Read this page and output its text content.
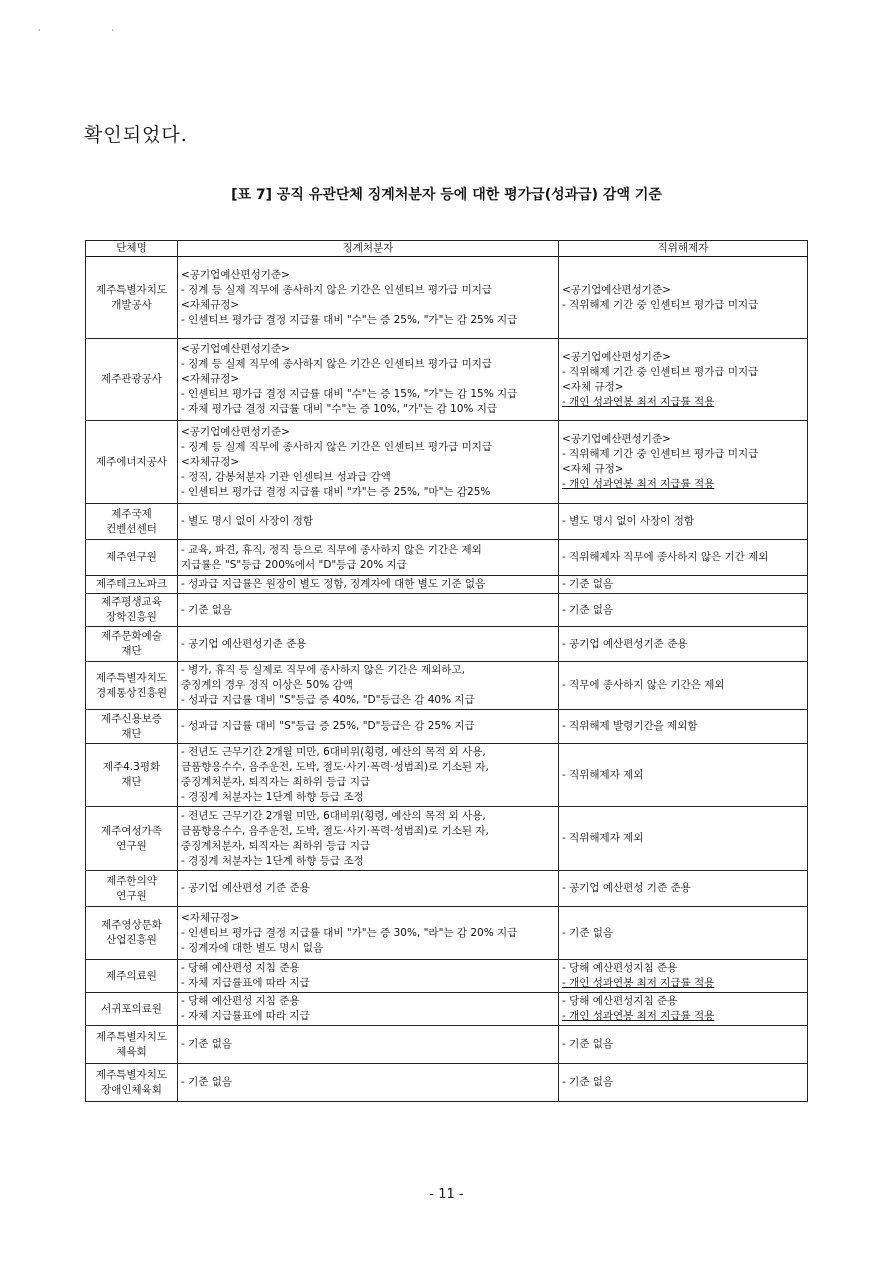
· ·
확인되었다.
[표 7] 공직 유관단체 징계처분자 등에 대한 평가급(성과급) 감액 기준
단체명	징계처분자	직위해제자

제주특별자치도
개발공사	<공기업예산편성기준>
- 징계 등 실제 직무에 종사하지 않은 기간은 인센티브 평가급 미지급
<자체규정>
- 인센티브 평가급 결정 지급률 대비 "수"는 증 25%, "가"는 감 25% 지급	<공기업예산편성기준>
- 직위해제 기간 중 인센티브 평가급 미지급

제주관광공사	<공기업예산편성기준>
- 징계 등 실제 직무에 종사하지 않은 기간은 인센티브 평가급 미지급
<자체규정>
- 인센티브 평가급 결정 지급률 대비 "수"는 증 15%, "가"는 감 15% 지급
- 자체 평가급 결정 지급률 대비 "수"는 증 10%, "가"는 감 10% 지급	<공기업예산편성기준>
- 직위해제 기간 중 인센티브 평가급 미지급
<자체 규정>
- 개인 성과연봉 최저 지급률 적용

제주에너지공사	<공기업예산편성기준>
- 징계 등 실제 직무에 종사하지 않은 기간은 인센티브 평가급 미지급
<자체규정>
- 정직, 감봉처분자 기관 인센티브 성과급 감액
- 인센티브 평가급 결정 지급률 대비 "가"는 증 25%, "마"는 감25%	<공기업예산편성기준>
- 직위해제 기간 중 인센티브 평가급 미지급
<자체 규정>
- 개인 성과연봉 최저 지급률 적용

제주국제
컨벤션센터	- 별도 명시 없이 사장이 정함	- 별도 명시 없이 사장이 정함

제주연구원	- 교육, 파견, 휴직, 정직 등으로 직무에 종사하지 않은 기간은 제외
지급률은 "S"등급 200%에서 "D"등급 20% 지급	- 직위해제자 직무에 종사하지 않은 기간 제외

제주테크노파크	- 성과급 지급률은 원장이 별도 정함, 징계자에 대한 별도 기준 없음	- 기준 없음

제주평생교육
장학진흥원	- 기준 없음	- 기준 없음

제주문화예술
재단	- 공기업 예산편성기준 준용	- 공기업 예산편성기준 준용

제주특별자치도
경제통상진흥원	- 병가, 휴직 등 실제로 직무에 종사하지 않은 기간은 제외하고,
중징계의 경우 정직 이상은 50% 감액
- 성과급 지급률 대비 "S"등급 증 40%, "D"등급은 감 40% 지급	- 직무에 종사하지 않은 기간은 제외

제주신용보증
재단	- 성과급 지급률 대비 "S"등급 증 25%, "D"등급은 감 25% 지급	- 직위해제 발령기간을 제외함

제주4.3평화
재단	- 전년도 근무기간 2개월 미만, 6대비위(횡령, 예산의 목적 외 사용,
금품향응수수, 음주운전, 도박, 절도·사기·폭력·성범죄)로 기소된 자,
중징계처분자, 퇴직자는 최하위 등급 지급
- 경징계 처분자는 1단계 하향 등급 조정	- 직위해제자 제외

제주여성가족
연구원	- 전년도 근무기간 2개월 미만, 6대비위(횡령, 예산의 목적 외 사용,
금품향응수수, 음주운전, 도박, 절도·사기·폭력·성범죄)로 기소된 자,
중징계처분자, 퇴직자는 최하위 등급 지급
- 경징계 처분자는 1단계 하향 등급 조정	- 직위해제자 제외

제주한의약
연구원	- 공기업 예산편성 기준 준용	- 공기업 예산편성 기준 준용

제주영상문화
산업진흥원	<자체규정>
- 인센티브 평가급 결정 지급률 대비 "가"는 증 30%, "라"는 감 20% 지급
- 징계자에 대한 별도 명시 없음	- 기준 없음

제주의료원	- 당해 예산편성 지침 준용
- 자체 지급률표에 따라 지급	- 당해 예산편성지침 준용
- 개인 성과연봉 최저 지급률 적용

서귀포의료원	- 당해 예산편성 지침 준용
- 자체 지급률표에 따라 지급	- 당해 예산편성지침 준용
- 개인 성과연봉 최저 지급률 적용

제주특별자치도
체육회	- 기준 없음	- 기준 없음

제주특별자치도
장애인체육회	- 기준 없음	- 기준 없음
- 11 -
